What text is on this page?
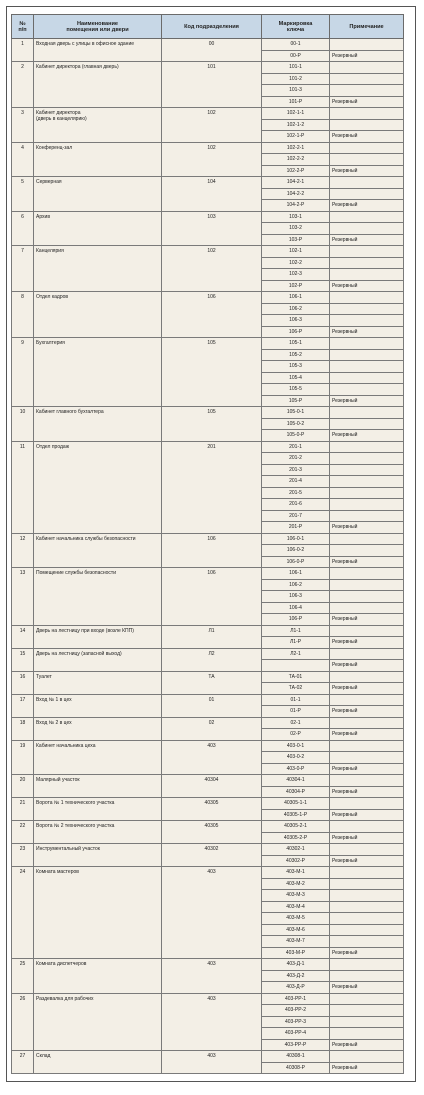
№
п/п	Наименование
помещения или двери	Код подразделения	Маркировка
ключа	Примечание
1	Входная дверь с улицы в офисное здание	00	00-1	
			00-Р	Резервный
2	Кабинет директора (главная дверь)	101	101-1	
			101-2	
			101-3	
			101-Р	Резервный
3	Кабинет директора
(дверь в канцелярию)	102	102-1-1	
			102-1-2	
			102-1-Р	Резервный
4	Конференц-зал	102	102-2-1	
			102-2-2	
			102-2-Р	Резервный
5	Серверная	104	104-2-1	
			104-2-2	
			104-2-Р	Резервный
6	Архив	103	103-1	
			103-2	
			103-Р	Резервный
7	Канцелярия	102	102-1	
			102-2	
			102-3	
			102-Р	Резервный
8	Отдел кадров	106	106-1	
			106-2	
			106-3	
			106-Р	Резервный
9	Бухгалтерия	105	105-1	
			105-2	
			105-3	
			105-4	
			105-5	
			105-Р	Резервный
10	Кабинет главного бухгалтера	105	105-0-1	
			105-0-2	
			105-0-Р	Резервный
11	Отдел продаж	201	201-1	
			201-2	
			201-3	
			201-4	
			201-5	
			201-6	
			201-7	
			201-Р	Резервный
12	Кабинет начальника службы безопасности	106	106-0-1	
			106-0-2	
			106-0-Р	Резервный
13	Помещение службы безопасности	106	106-1	
			106-2	
			106-3	
			106-4	
			106-Р	Резервный
14	Дверь на лестницу при входе (возле КПП)	Л1	Л1-1	
			Л1-Р	Резервный
15	Дверь на лестницу (запасной выход)	Л2	Л2-1	
				Резервный
16	Туалет	ТА	ТА-01	
			ТА-02	Резервный
17	Вход № 1 в цех	01	01-1	
			01-Р	Резервный
18	Вход № 2 в цех	02	02-1	
			02-Р	Резервный
19	Кабинет начальника цеха	403	403-0-1	
			403-0-2	
			403-0-Р	Резервный
20	Малярный участок	40304	40304-1	
			40304-Р	Резервный
21	Ворота № 1 технического участка	40305	40305-1-1	
			40305-1-Р	Резервный
22	Ворота № 2 технического участка	40305	40305-2-1	
			40305-2-Р	Резервный
23	Инструментальный участок	40302	40302-1	
			40302-Р	Резервный
24	Комната мастеров	403	403-М-1	
			403-М-2	
			403-М-3	
			403-М-4	
			403-М-5	
			403-М-6	
			403-М-7	
			403-М-Р	Резервный
25	Комната диспетчеров	403	403-Д-1	
			403-Д-2	
			403-Д-Р	Резервный
26	Раздевалка для рабочих	403	403-РР-1	
			403-РР-2	
			403-РР-3	
			403-РР-4	
			403-РР-Р	Резервный
27	Склад	403	40308-1	
			40308-Р	Резервный
